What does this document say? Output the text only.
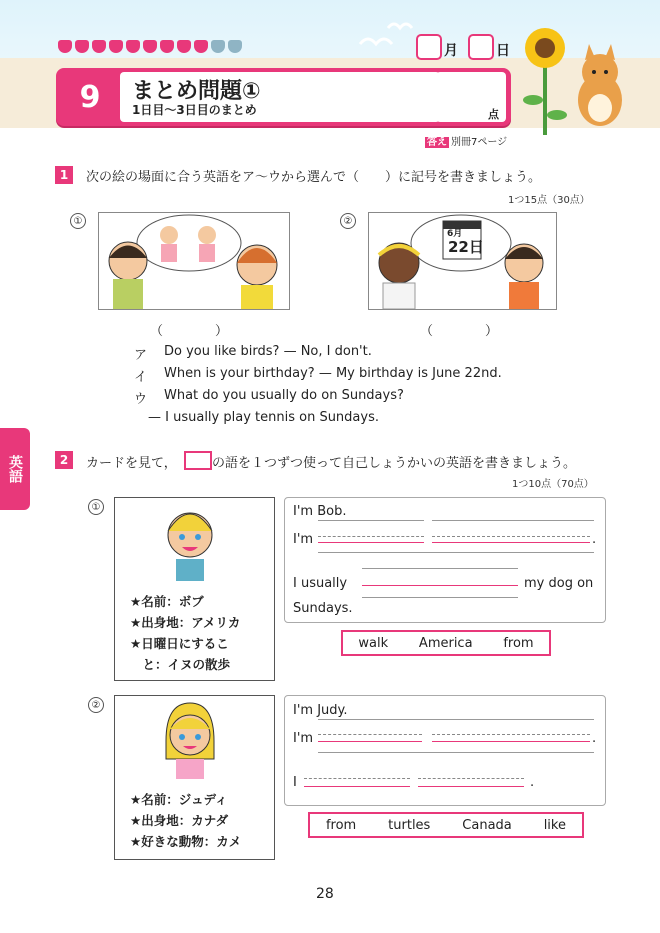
月	日
9	まとめ問題①
1日目〜3日目のまとめ	点
答え 別冊7ページ
英語
1	次の絵の場面に合う英語をア〜ウから選んで（　　）に記号を書きましょう。
1つ15点（30点）
①	②
6月
22日
（　　　　）	（　　　　）
ア Do you like birds? — No, I don't.
イ When is your birthday? — My birthday is June 22nd.
ウ What do you usually do on Sundays?
— I usually play tennis on Sundays.
2	カードを見て，	の語を１つずつ使って自己しょうかいの英語を書きましょう。
1つ10点（70点）
①
★名前：ボブ
★出身地：アメリカ
★日曜日にするこ
　と：イヌの散歩
I'm Bob.
I'm	.
I usually	my dog on
Sundays.
walk America from
②
★名前：ジュディ
★出身地：カナダ
★好きな動物：カメ
I'm Judy.
I'm	.
I	.
from turtles Canada like
28
